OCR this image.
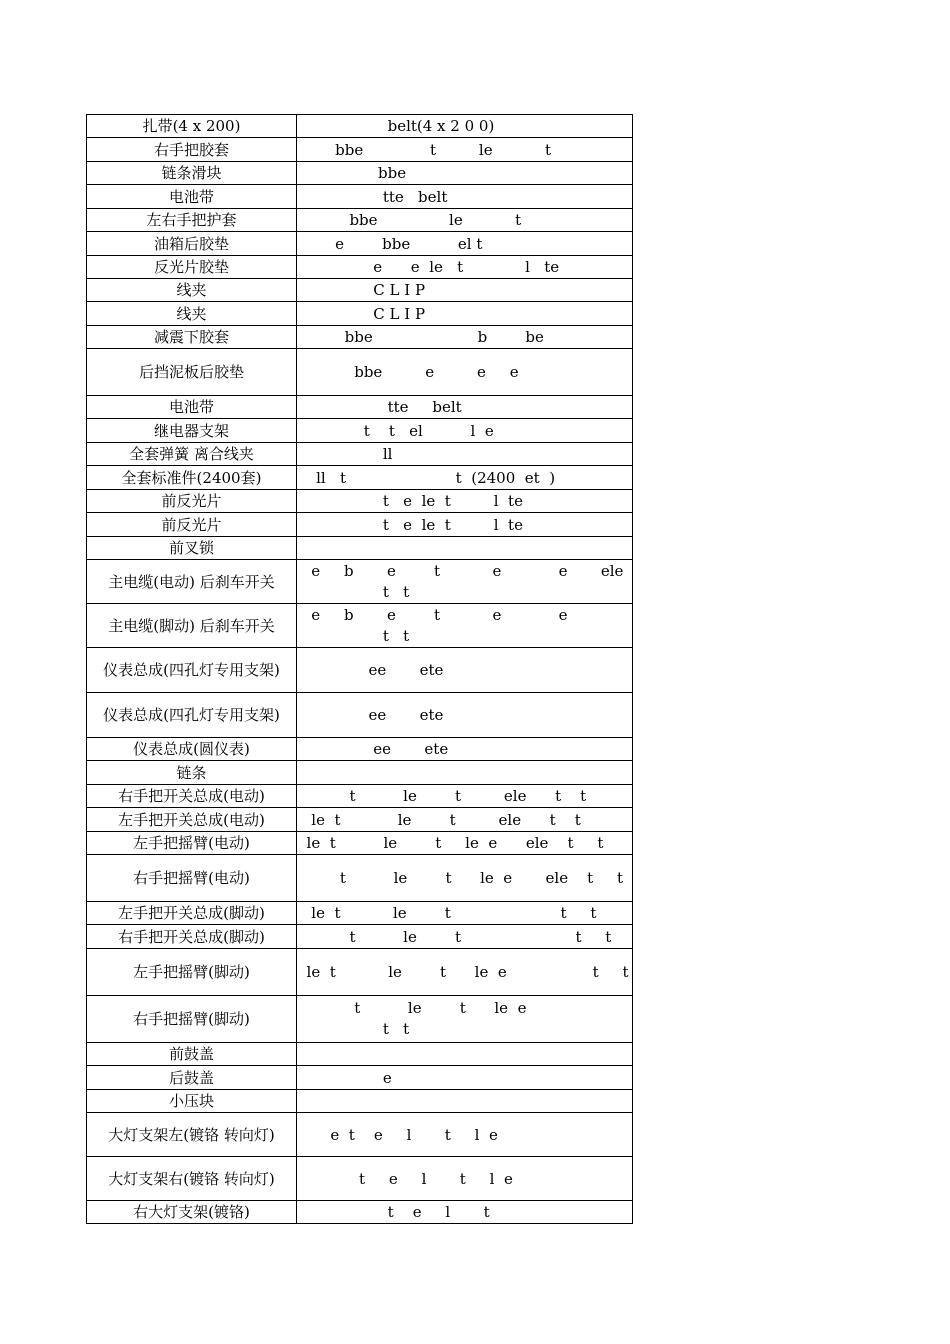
扎带(4 x 200)	belt(4 x 2 0 0)

右手把胶套	bbe              t         le           t

链条滑块	bbe

电池带	tte   belt

左右手把护套	bbe               le           t

油箱后胶垫	e        bbe          el t

反光片胶垫	e      e  le   t             l   te

线夹	C L I P

线夹	C L I P

减震下胶套	bbe                      b        be

后挡泥板后胶垫	bbe         e         e     e

电池带	tte     belt

继电器支架	t    t   el          l  e

全套弹簧 离合线夹	ll

全套标准件(2400套)	ll   t                       t  (2400  et  )

前反光片	t   e  le  t         l  te

前反光片	t   e  le  t         l  te

前叉锁	

主电缆(电动) 后刹车开关	e     b       e        t           e            e       ele
t   t

主电缆(脚动) 后刹车开关	e     b       e        t           e            e
t   t

仪表总成(四孔灯专用支架)	ee       ete

仪表总成(四孔灯专用支架)	ee       ete

仪表总成(圆仪表)	ee       ete

链条	

右手把开关总成(电动)	t          le        t         ele      t    t

左手把开关总成(电动)	le  t            le        t         ele      t    t

左手把摇臂(电动)	le  t          le        t     le  e      ele    t     t

右手把摇臂(电动)	t          le        t      le  e       ele    t     t

左手把开关总成(脚动)	le  t           le        t                       t     t

右手把开关总成(脚动)	t          le        t                        t     t

左手把摇臂(脚动)	le  t           le        t      le  e                  t     t

右手把摇臂(脚动)	t          le        t      le  e
t   t

前鼓盖	

后鼓盖	e

小压块	

大灯支架左(镀铬 转向灯)	e  t    e     l       t     l  e

大灯支架右(镀铬 转向灯)	t     e     l       t     l  e

右大灯支架(镀铬)	t    e     l       t
